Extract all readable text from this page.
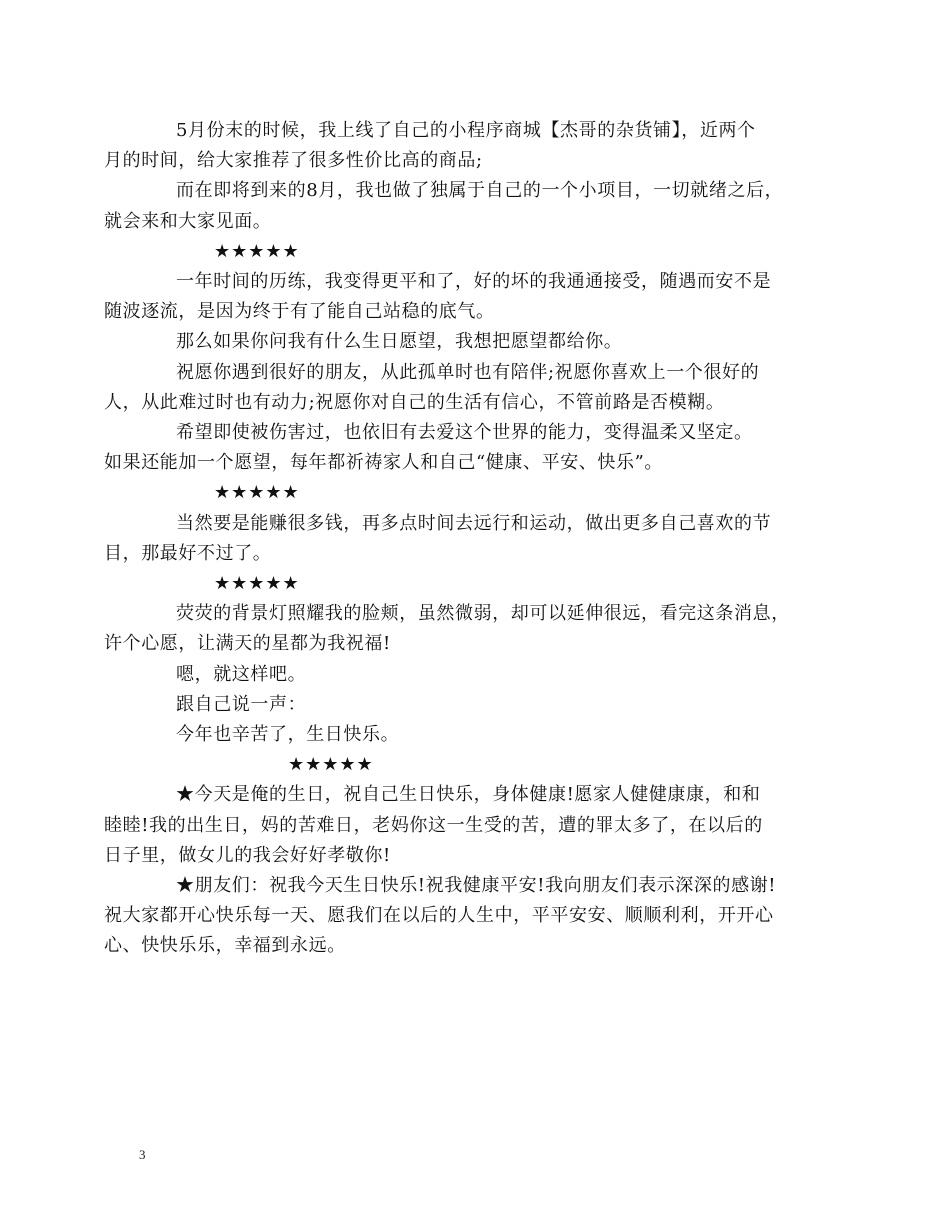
5月份末的时候，我上线了自己的小程序商城【杰哥的杂货铺】，近两个
月的时间，给大家推荐了很多性价比高的商品;

而在即将到来的8月，我也做了独属于自己的一个小项目，一切就绪之后，
就会来和大家见面。

★★★★★

一年时间的历练，我变得更平和了，好的坏的我通通接受，随遇而安不是
随波逐流，是因为终于有了能自己站稳的底气。

那么如果你问我有什么生日愿望，我想把愿望都给你。

祝愿你遇到很好的朋友，从此孤单时也有陪伴;祝愿你喜欢上一个很好的
人，从此难过时也有动力;祝愿你对自己的生活有信心，不管前路是否模糊。

希望即使被伤害过，也依旧有去爱这个世界的能力，变得温柔又坚定。
如果还能加一个愿望，每年都祈祷家人和自己“健康、平安、快乐”。

★★★★★

当然要是能赚很多钱，再多点时间去远行和运动，做出更多自己喜欢的节
目，那最好不过了。

★★★★★

荧荧的背景灯照耀我的脸颊，虽然微弱，却可以延伸很远，看完这条消息，
许个心愿，让满天的星都为我祝福!

嗯，就这样吧。

跟自己说一声：

今年也辛苦了，生日快乐。

★★★★★

★今天是俺的生日，祝自己生日快乐，身体健康!愿家人健健康康，和和
睦睦!我的出生日，妈的苦难日，老妈你这一生受的苦，遭的罪太多了，在以后的
日子里，做女儿的我会好好孝敬你!

★朋友们：祝我今天生日快乐!祝我健康平安!我向朋友们表示深深的感谢!
祝大家都开心快乐每一天、愿我们在以后的人生中，平平安安、顺顺利利，开开心
心、快快乐乐，幸福到永远。

3
